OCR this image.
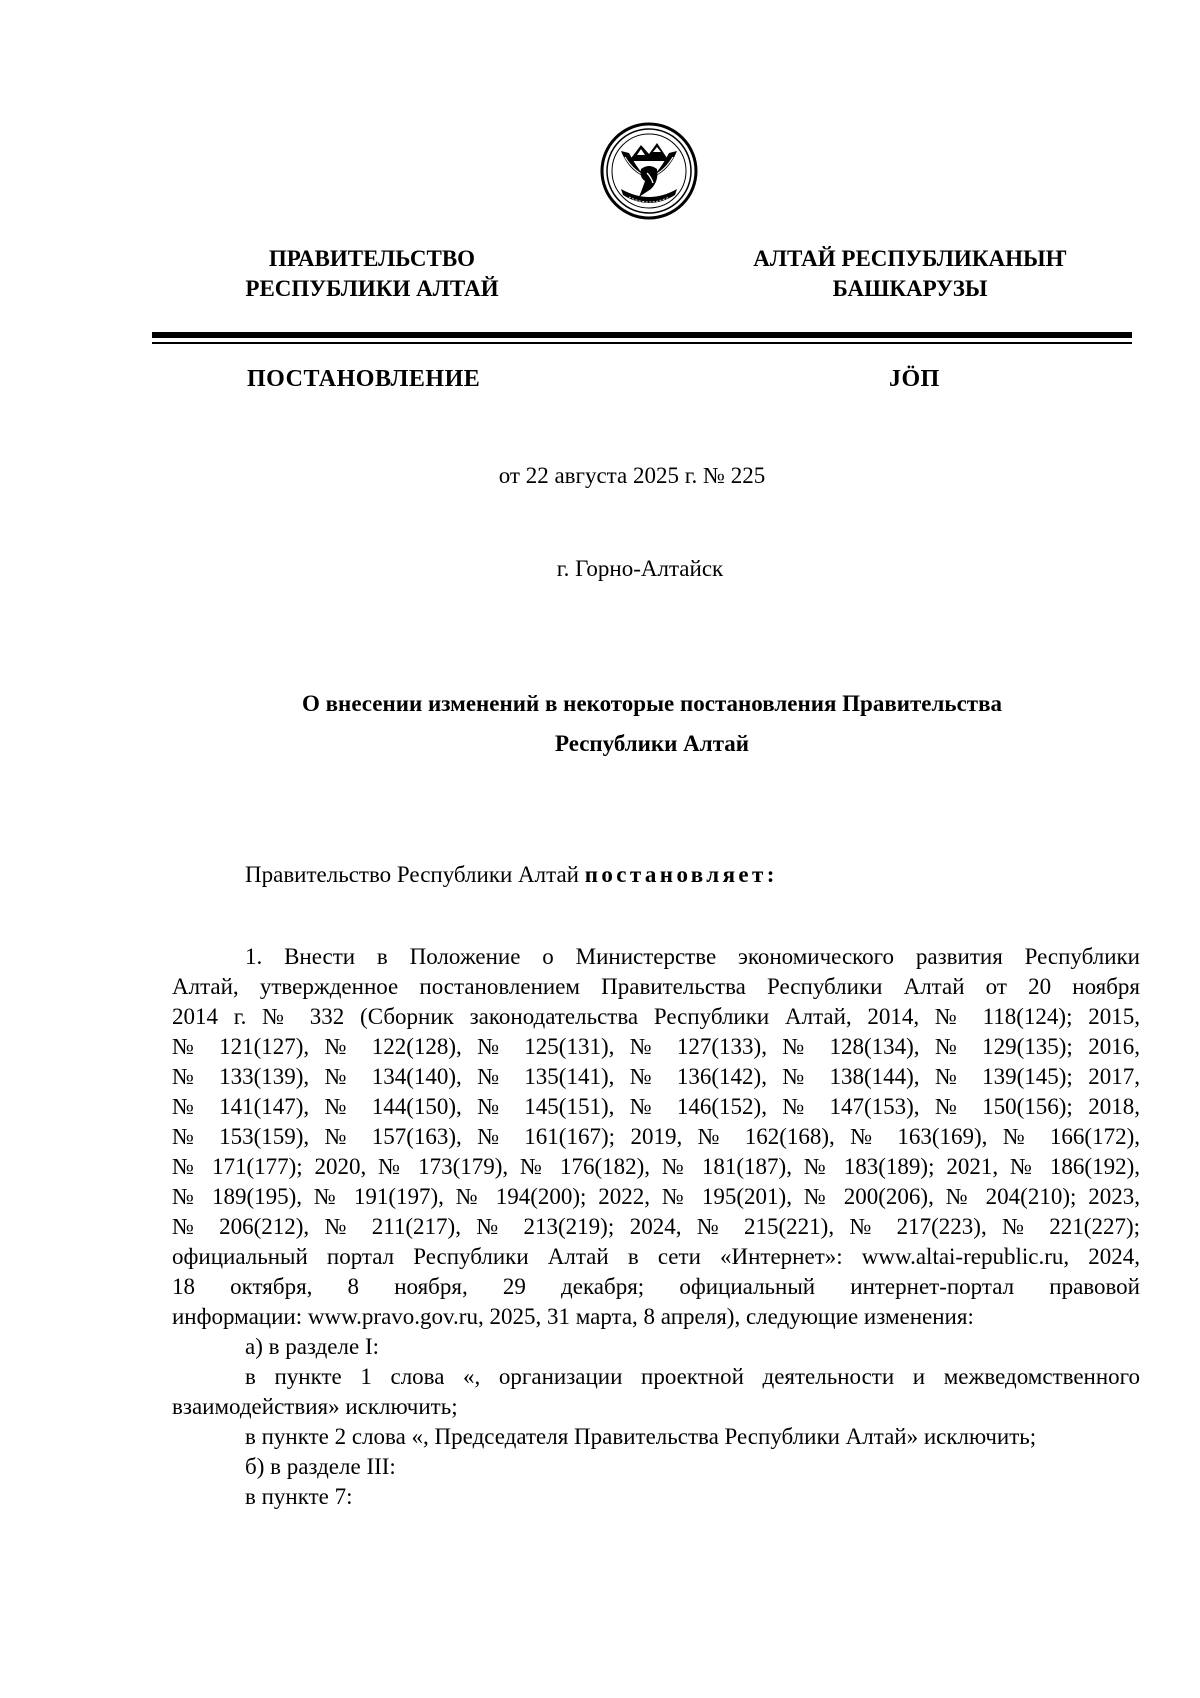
ПРАВИТЕЛЬСТВО
РЕСПУБЛИКИ АЛТАЙ
АЛТАЙ РЕСПУБЛИКАНЫҤ
БАШКАРУЗЫ
ПОСТАНОВЛЕНИЕ	JӦП
от 22 августа 2025 г. № 225
г. Горно-Алтайск
О внесении изменений в некоторые постановления Правительства
Республики Алтай
Правительство Республики Алтай постановляет:
1. Внести в Положение о Министерстве экономического развития Республики
Алтай, утвержденное постановлением Правительства Республики Алтай от 20 ноября
2014 г. № 332 (Сборник законодательства Республики Алтай, 2014, № 118(124); 2015,
№ 121(127), № 122(128), № 125(131), № 127(133), № 128(134), № 129(135); 2016,
№ 133(139), № 134(140), № 135(141), № 136(142), № 138(144), № 139(145); 2017,
№ 141(147), № 144(150), № 145(151), № 146(152), № 147(153), № 150(156); 2018,
№ 153(159), № 157(163), № 161(167); 2019, № 162(168), № 163(169), № 166(172),
№ 171(177); 2020, № 173(179), № 176(182), № 181(187), № 183(189); 2021, № 186(192),
№ 189(195), № 191(197), № 194(200); 2022, № 195(201), № 200(206), № 204(210); 2023,
№ 206(212), № 211(217), № 213(219); 2024, № 215(221), № 217(223), № 221(227);
официальный портал Республики Алтай в сети «Интернет»: www.altai-republic.ru, 2024,
18 октября, 8 ноября, 29 декабря; официальный интернет-портал правовой
информации: www.pravo.gov.ru, 2025, 31 марта, 8 апреля), следующие изменения:
а) в разделе I:
в пункте 1 слова «, организации проектной деятельности и межведомственного
взаимодействия» исключить;
в пункте 2 слова «, Председателя Правительства Республики Алтай» исключить;
б) в разделе III:
в пункте 7:
